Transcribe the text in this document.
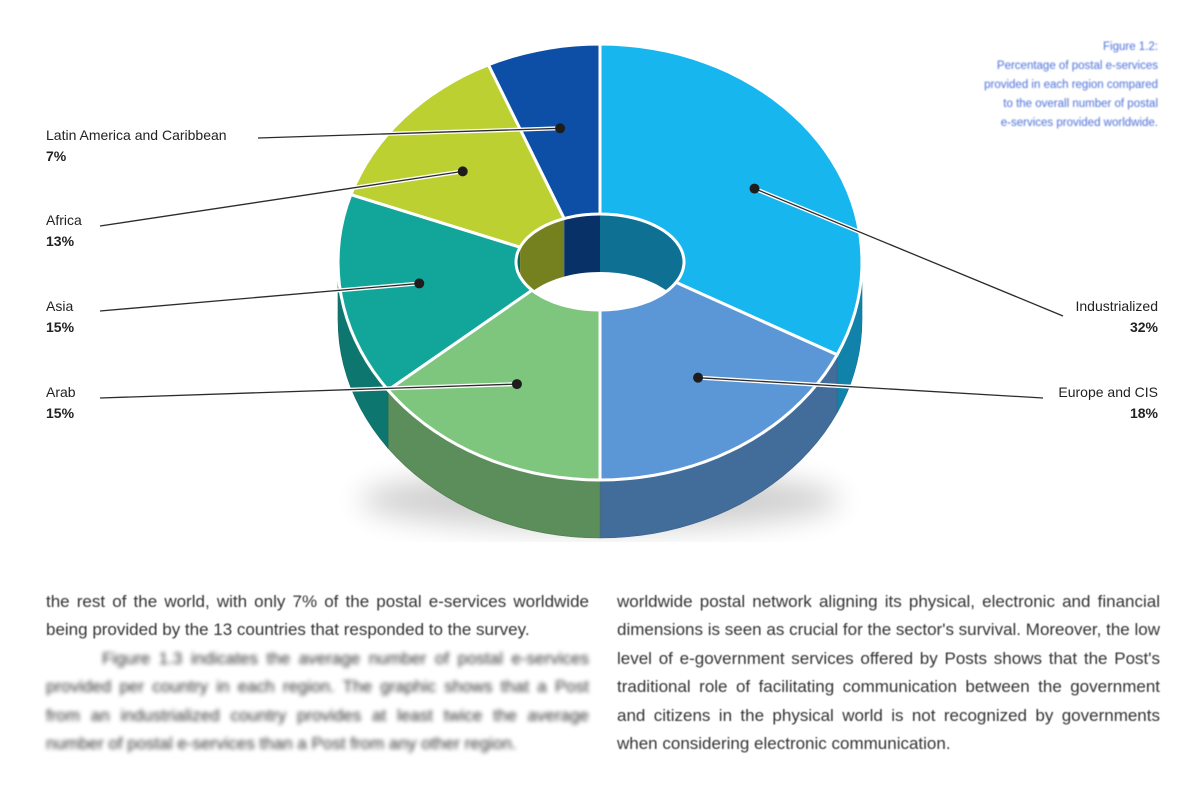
Figure 1.2:
Percentage of postal e-services
provided in each region compared
to the overall number of postal
e-services provided worldwide.
Industrialized
32%
Europe and CIS
18%
Arab
15%
Asia
15%
Africa
13%
Latin America and Caribbean
7%

the rest of the world, with only 7% of the postal e-services worldwide being provided by the 13 countries that responded to the survey.

Figure 1.3 indicates the average number of postal e-services provided per country in each region. The graphic shows that a Post from an industrialized country provides at least twice the average number of postal e-services than a Post from any other region.

worldwide postal network aligning its physical, electronic and financial dimensions is seen as crucial for the sector's survival. Moreover, the low level of e-government services offered by Posts shows that the Post's traditional role of facilitating communication between the government and citizens in the physical world is not recognized by governments when considering electronic communication.
